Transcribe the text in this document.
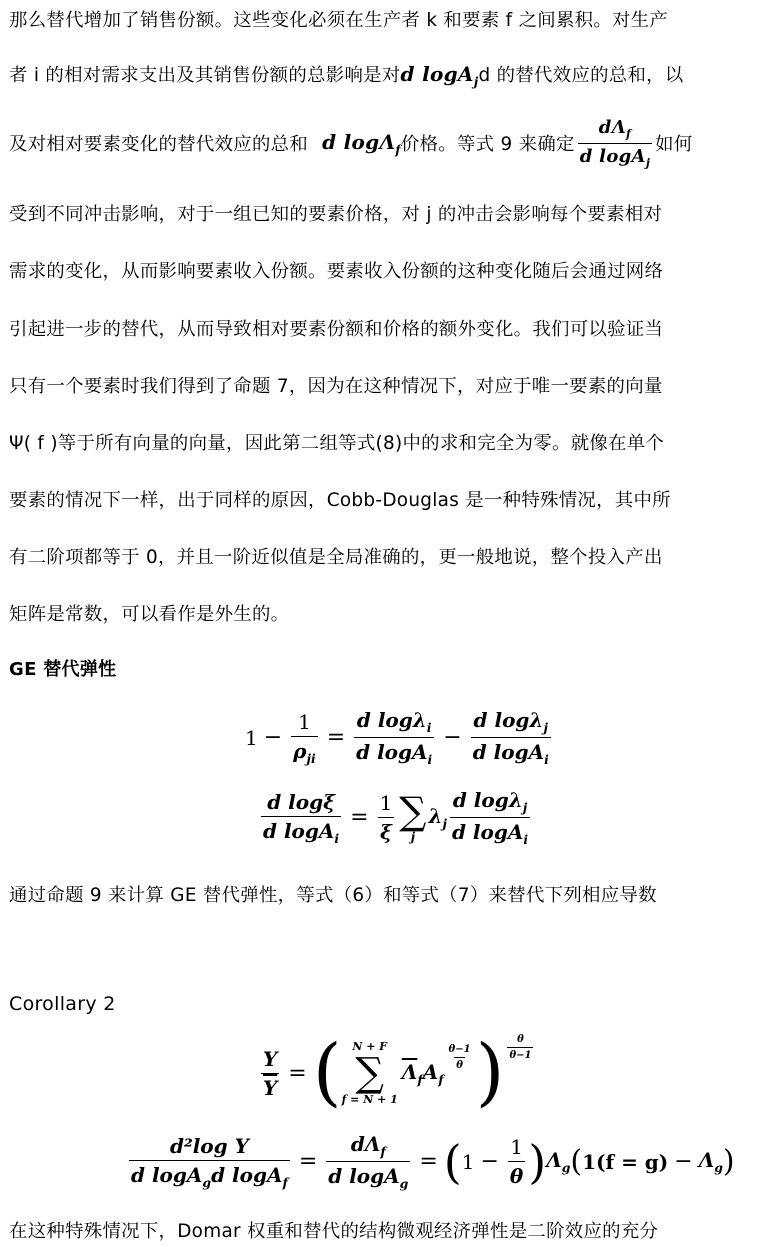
那么替代增加了销售份额。这些变化必须在生产者 k 和要素 f 之间累积。对生产
者 i 的相对需求支出及其销售份额的总影响是对d logA$_j$d 的替代效应的总和，以
及对相对要素变化的替代效应的总和 d logΛ$_f$ 价格。等式 9 来确定 $\frac{d\Lambda_f}{d \log A_j}$ 如何
受到不同冲击影响，对于一组已知的要素价格，对 j 的冲击会影响每个要素相对
需求的变化，从而影响要素收入份额。要素收入份额的这种变化随后会通过网络
引起进一步的替代，从而导致相对要素份额和价格的额外变化。我们可以验证当
只有一个要素时我们得到了命题 7，因为在这种情况下，对应于唯一要素的向量
Ψ( f )等于所有向量的向量，因此第二组等式(8)中的求和完全为零。就像在单个
要素的情况下一样，出于同样的原因，Cobb-Douglas 是一种特殊情况，其中所
有二阶项都等于 0，并且一阶近似值是全局准确的，更一般地说，整个投入产出
矩阵是常数，可以看作是外生的。
GE 替代弹性
$1 - \frac{1}{\rho_{ji}} = \frac{d \log\lambda_i}{d \log A_i} - \frac{d \log\lambda_j}{d \log A_i}$
$\frac{\text{d logξ}}{d \log A_i} = \frac{1}{\xi}$ ∑
j
$\lambda_j \frac{d \log\lambda_j}{d \log A_i}$
通过命题 9 来计算 GE 替代弹性，等式（6）和等式（7）来替代下列相应导数
Corollary 2
$\frac{Y}{Y}$ = ( N + F
∑
f = N + 1
$\overline{\Lambda}_fA_f$
$\frac{\theta-1}{\theta}$ ) $\frac{\theta}{\theta-1}$
$\frac{\text{d²log Y}}{d \log A_gd \log A_f} = \frac{d\Lambda_f}{d \log A_g}$ = ( $1 - \frac{1}{\theta}$ ) $\Lambda_g$ ( $1(f = g) - \Lambda_g$ )
在这种特殊情况下，Domar 权重和替代的结构微观经济弹性是二阶效应的充分
